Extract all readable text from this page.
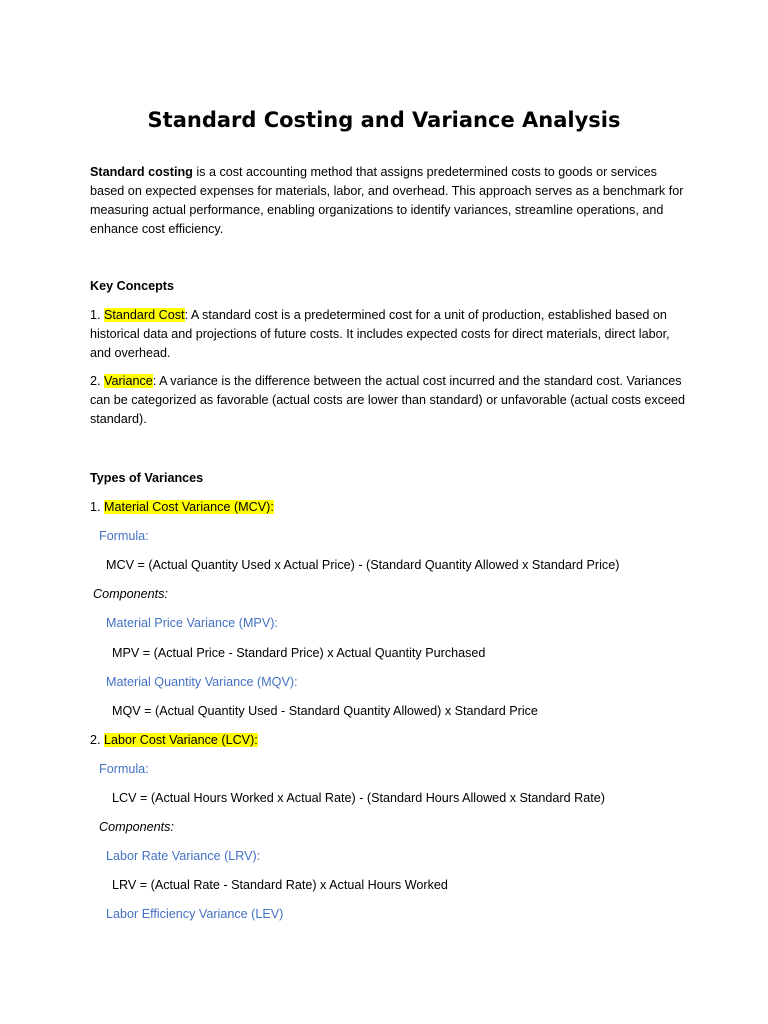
Standard Costing and Variance Analysis

Standard costing is a cost accounting method that assigns predetermined costs to goods or services based on expected expenses for materials, labor, and overhead. This approach serves as a benchmark for measuring actual performance, enabling organizations to identify variances, streamline operations, and enhance cost efficiency.

Key Concepts

1. Standard Cost: A standard cost is a predetermined cost for a unit of production, established based on historical data and projections of future costs. It includes expected costs for direct materials, direct labor, and overhead.

2. Variance: A variance is the difference between the actual cost incurred and the standard cost. Variances can be categorized as favorable (actual costs are lower than standard) or unfavorable (actual costs exceed standard).

Types of Variances

1. Material Cost Variance (MCV):

Formula:

MCV = (Actual Quantity Used x Actual Price) - (Standard Quantity Allowed x Standard Price)

Components:

Material Price Variance (MPV):

MPV = (Actual Price - Standard Price) x Actual Quantity Purchased

Material Quantity Variance (MQV):

MQV = (Actual Quantity Used - Standard Quantity Allowed) x Standard Price

2. Labor Cost Variance (LCV):

Formula:

LCV = (Actual Hours Worked x Actual Rate) - (Standard Hours Allowed x Standard Rate)

Components:

Labor Rate Variance (LRV):

LRV = (Actual Rate - Standard Rate) x Actual Hours Worked

Labor Efficiency Variance (LEV)
